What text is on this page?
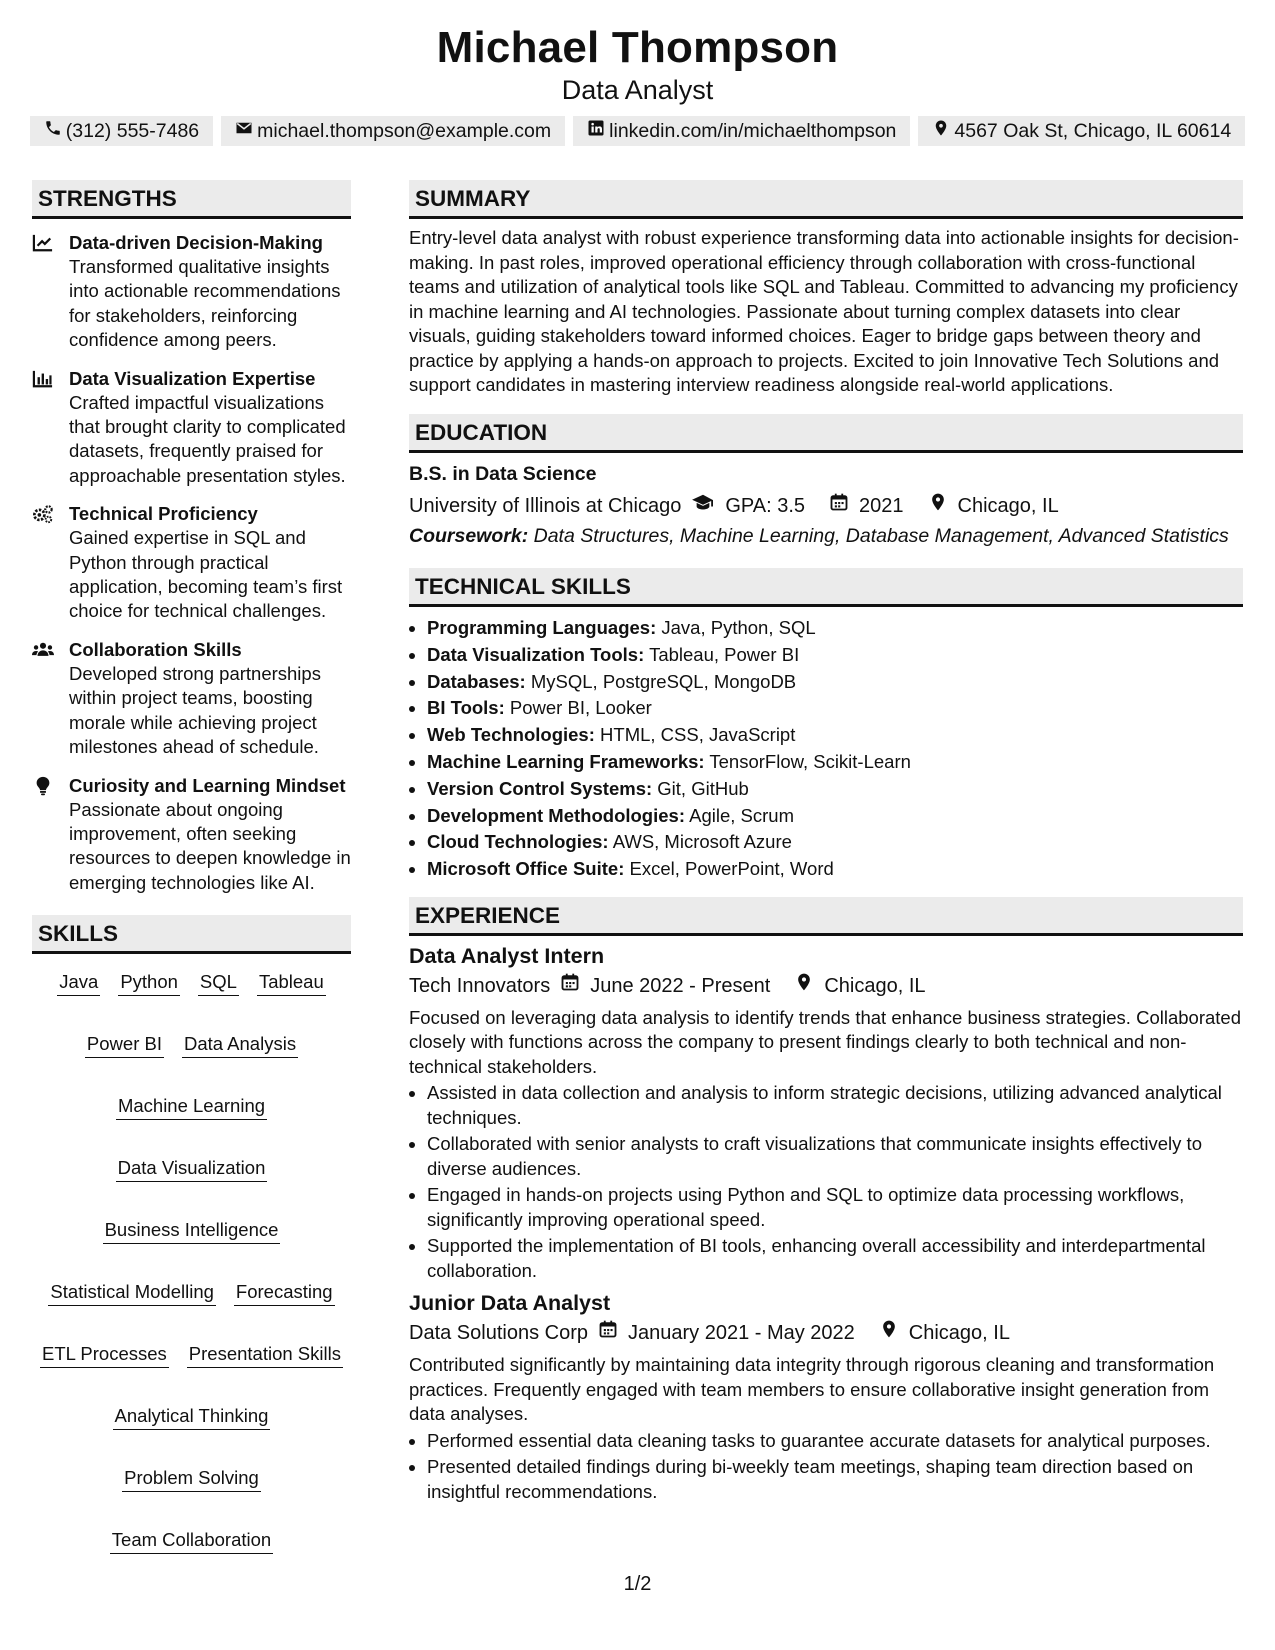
Michael Thompson
Data Analyst
(312) 555-7486	michael.thompson@example.com	linkedin.com/in/michaelthompson	4567 Oak St, Chicago, IL 60614
STRENGTHS
Data-driven Decision-Making
Transformed qualitative insights into actionable recommendations for stakeholders, reinforcing confidence among peers.
Data Visualization Expertise
Crafted impactful visualizations that brought clarity to complicated datasets, frequently praised for approachable presentation styles.
Technical Proficiency
Gained expertise in SQL and Python through practical application, becoming team’s first choice for technical challenges.
Collaboration Skills
Developed strong partnerships within project teams, boosting morale while achieving project milestones ahead of schedule.
Curiosity and Learning Mindset
Passionate about ongoing improvement, often seeking resources to deepen knowledge in emerging technologies like AI.
SKILLS
Java Python SQL Tableau
Power BI Data Analysis
Machine Learning
Data Visualization
Business Intelligence
Statistical Modelling Forecasting
ETL Processes Presentation Skills
Analytical Thinking
Problem Solving
Team Collaboration
SUMMARY

Entry-level data analyst with robust experience transforming data into actionable insights for decision-making. In past roles, improved operational efficiency through collaboration with cross-functional teams and utilization of analytical tools like SQL and Tableau. Committed to advancing my proficiency in machine learning and AI technologies. Passionate about turning complex datasets into clear visuals, guiding stakeholders toward informed choices. Eager to bridge gaps between theory and practice by applying a hands-on approach to projects. Excited to join Innovative Tech Solutions and support candidates in mastering interview readiness alongside real-world applications.

EDUCATION
B.S. in Data Science
University of Illinois at Chicago GPA: 3.5	2021	Chicago, IL
Coursework: Data Structures, Machine Learning, Database Management, Advanced Statistics
TECHNICAL SKILLS
• Programming Languages: Java, Python, SQL
• Data Visualization Tools: Tableau, Power BI
• Databases: MySQL, PostgreSQL, MongoDB
• BI Tools: Power BI, Looker
• Web Technologies: HTML, CSS, JavaScript
• Machine Learning Frameworks: TensorFlow, Scikit-Learn
• Version Control Systems: Git, GitHub
• Development Methodologies: Agile, Scrum
• Cloud Technologies: AWS, Microsoft Azure
• Microsoft Office Suite: Excel, PowerPoint, Word
EXPERIENCE
Data Analyst Intern
Tech Innovators June 2022 - Present	Chicago, IL

Focused on leveraging data analysis to identify trends that enhance business strategies. Collaborated closely with functions across the company to present findings clearly to both technical and non-technical stakeholders.

• Assisted in data collection and analysis to inform strategic decisions, utilizing advanced analytical techniques.
• Collaborated with senior analysts to craft visualizations that communicate insights effectively to diverse audiences.
• Engaged in hands-on projects using Python and SQL to optimize data processing workflows, significantly improving operational speed.
• Supported the implementation of BI tools, enhancing overall accessibility and interdepartmental collaboration.
Junior Data Analyst
Data Solutions Corp January 2021 - May 2022	Chicago, IL

Contributed significantly by maintaining data integrity through rigorous cleaning and transformation practices. Frequently engaged with team members to ensure collaborative insight generation from data analyses.

• Performed essential data cleaning tasks to guarantee accurate datasets for analytical purposes.
• Presented detailed findings during bi-weekly team meetings, shaping team direction based on insightful recommendations.
1/2
